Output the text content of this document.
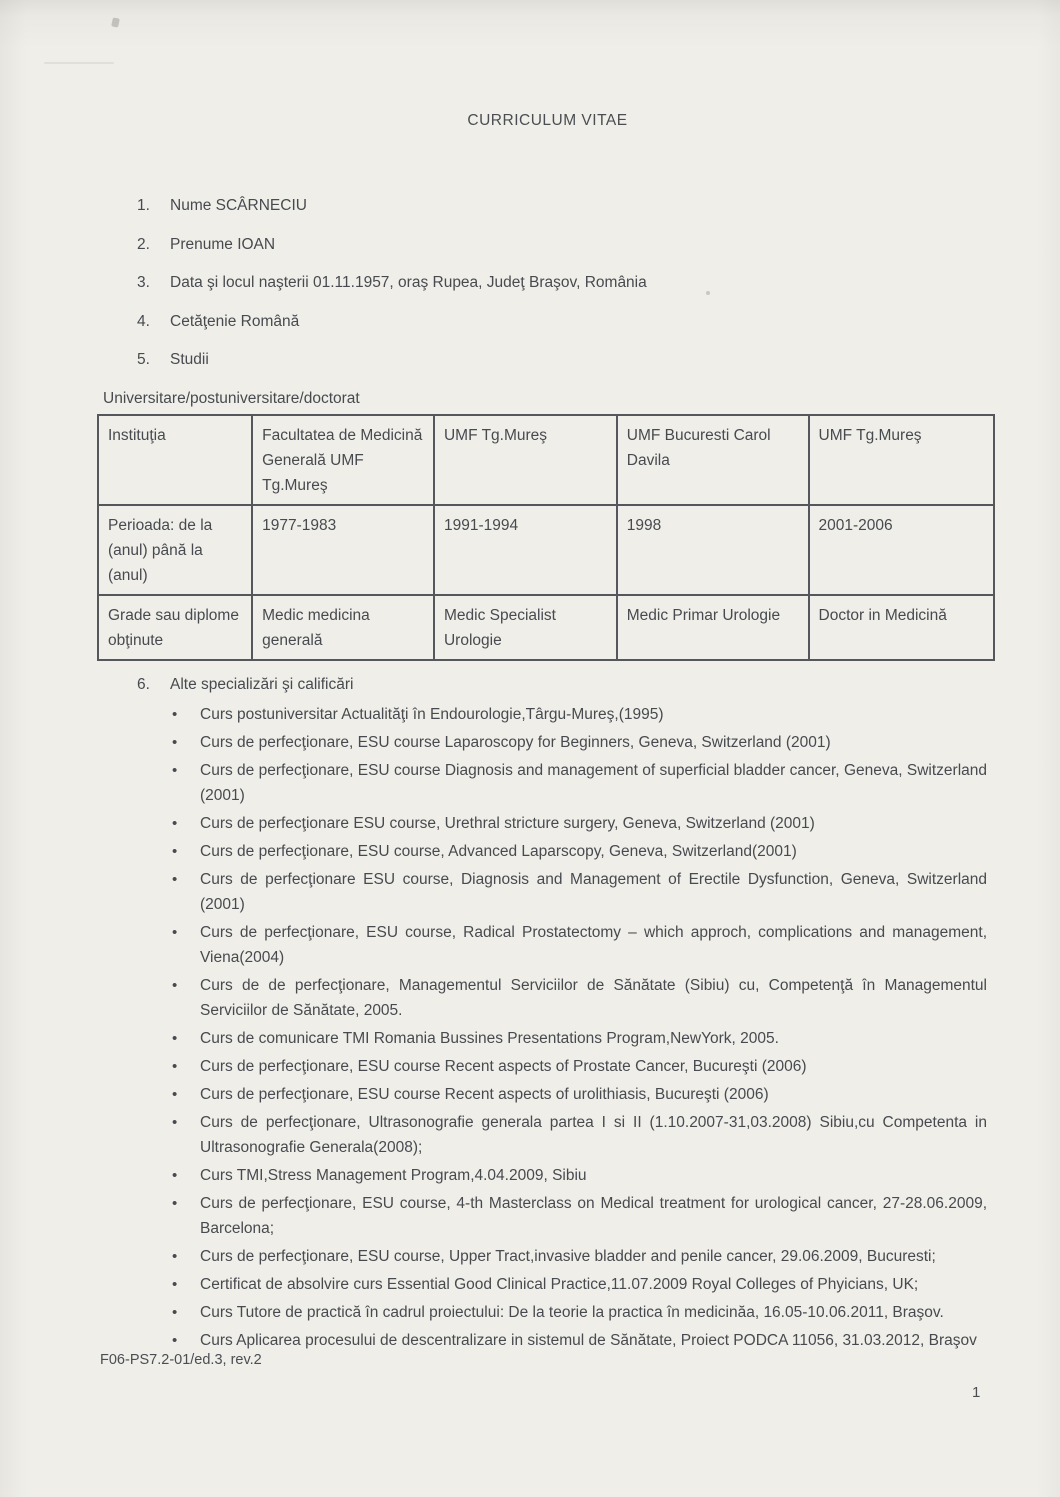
CURRICULUM VITAE
1.	Nume SCÂRNECIU
2.	Prenume IOAN
3.	Data şi locul naşterii 01.11.1957, oraş Rupea, Judeţ Braşov, România
4.	Cetăţenie Română
5.	Studii
Universitare/postuniversitare/doctorat
Instituţia	Facultatea de Medicină Generală UMF Tg.Mureş	UMF Tg.Mureş	UMF Bucuresti Carol Davila	UMF Tg.Mureş
Perioada: de la (anul) până la (anul)	1977-1983	1991-1994	1998	2001-2006
Grade sau diplome obţinute	Medic medicina generală	Medic Specialist Urologie	Medic Primar Urologie	Doctor in Medicină
6.	Alte specializări şi calificări
• Curs postuniversitar Actualităţi în Endourologie,Târgu-Mureş,(1995)
• Curs de perfecţionare, ESU course Laparoscopy for Beginners, Geneva, Switzerland (2001)
• Curs de perfecţionare, ESU course Diagnosis and management of superficial bladder cancer, Geneva, Switzerland (2001)
• Curs de perfecţionare ESU course, Urethral stricture surgery, Geneva, Switzerland (2001)
• Curs de perfecţionare, ESU course, Advanced Laparscopy, Geneva, Switzerland(2001)
• Curs de perfecţionare ESU course, Diagnosis and Management of Erectile Dysfunction, Geneva, Switzerland (2001)
• Curs de perfecţionare, ESU course, Radical Prostatectomy – which approch, complications and management, Viena(2004)
• Curs de de perfecţionare, Managementul Serviciilor de Sănătate (Sibiu) cu, Competenţă în Managementul Serviciilor de Sănătate, 2005.
• Curs de comunicare TMI Romania Bussines Presentations Program,NewYork, 2005.
• Curs de perfecţionare, ESU course Recent aspects of Prostate Cancer, Bucureşti (2006)
• Curs de perfecţionare, ESU course Recent aspects of urolithiasis, Bucureşti (2006)
• Curs de perfecţionare, Ultrasonografie generala partea I si II (1.10.2007-31,03.2008) Sibiu,cu Competenta in Ultrasonografie Generala(2008);
• Curs TMI,Stress Management Program,4.04.2009, Sibiu
• Curs de perfecţionare, ESU course, 4-th Masterclass on Medical treatment for urological cancer, 27-28.06.2009, Barcelona;
• Curs de perfecţionare, ESU course, Upper Tract,invasive bladder and penile cancer, 29.06.2009, Bucuresti;
• Certificat de absolvire curs Essential Good Clinical Practice,11.07.2009 Royal Colleges of Phyicians, UK;
• Curs Tutore de practică în cadrul proiectului: De la teorie la practica în medicinăa, 16.05-10.06.2011, Braşov.
• Curs Aplicarea procesului de descentralizare in sistemul de Sănătate, Proiect PODCA 11056, 31.03.2012, Braşov
F06-PS7.2-01/ed.3, rev.2
1
